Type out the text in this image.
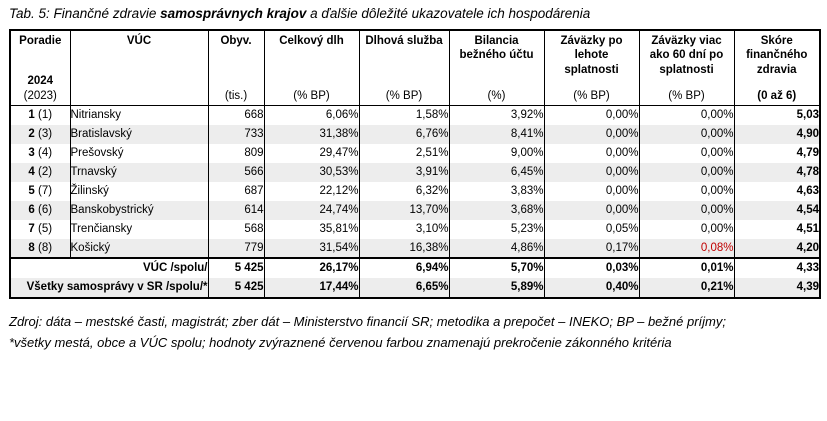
Tab. 5: Finančné zdravie samosprávnych krajov a ďalšie dôležité ukazovatele ich hospodárenia
Poradie
2024
(2023)

VÚC	Obyv.
(tis.)

Celkový dlh
(% BP)

Dlhová služba
(% BP)

Bilancia bežného účtu
(%)

Záväzky po lehote splatnosti
(% BP)

Záväzky viac ako 60 dní po splatnosti
(% BP)

Skóre finančného zdravia
(0 až 6)

1 (1)	Nitriansky	668	6,06%	1,58%	3,92%	0,00%	0,00%	5,03
2 (3)	Bratislavský	733	31,38%	6,76%	8,41%	0,00%	0,00%	4,90
3 (4)	Prešovský	809	29,47%	2,51%	9,00%	0,00%	0,00%	4,79
4 (2)	Trnavský	566	30,53%	3,91%	6,45%	0,00%	0,00%	4,78
5 (7)	Žilinský	687	22,12%	6,32%	3,83%	0,00%	0,00%	4,63
6 (6)	Banskobystrický	614	24,74%	13,70%	3,68%	0,00%	0,00%	4,54
7 (5)	Trenčiansky	568	35,81%	3,10%	5,23%	0,05%	0,00%	4,51
8 (8)	Košický	779	31,54%	16,38%	4,86%	0,17%	0,08%	4,20
VÚC /spolu/		5 425	26,17%	6,94%	5,70%	0,03%	0,01%	4,33
Všetky samosprávy v SR /spolu/*		5 425	17,44%	6,65%	5,89%	0,40%	0,21%	4,39
Zdroj: dáta – mestské časti, magistrát; zber dát – Ministerstvo financií SR; metodika a prepočet – INEKO; BP – bežné príjmy;
*všetky mestá, obce a VÚC spolu; hodnoty zvýraznené červenou farbou znamenajú prekročenie zákonného kritéria
